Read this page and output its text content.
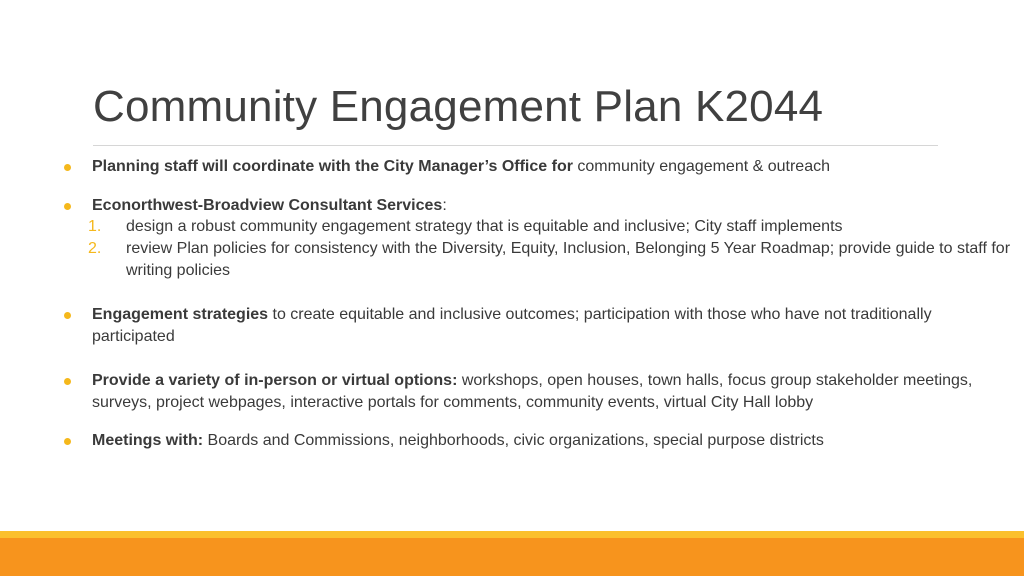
Community Engagement Plan K2044
Planning staff will coordinate with the City Manager’s Office for community engagement & outreach
Econorthwest-Broadview Consultant Services:
1.	design a robust community engagement strategy that is equitable and inclusive; City staff implements
2.	review Plan policies for consistency with the Diversity, Equity, Inclusion, Belonging 5 Year Roadmap; provide guide to staff for writing policies
Engagement strategies to create equitable and inclusive outcomes; participation with those who have not traditionally participated
Provide a variety of in-person or virtual options: workshops, open houses, town halls, focus group stakeholder meetings, surveys, project webpages, interactive portals for comments, community events, virtual City Hall lobby
Meetings with: Boards and Commissions, neighborhoods, civic organizations, special purpose districts
